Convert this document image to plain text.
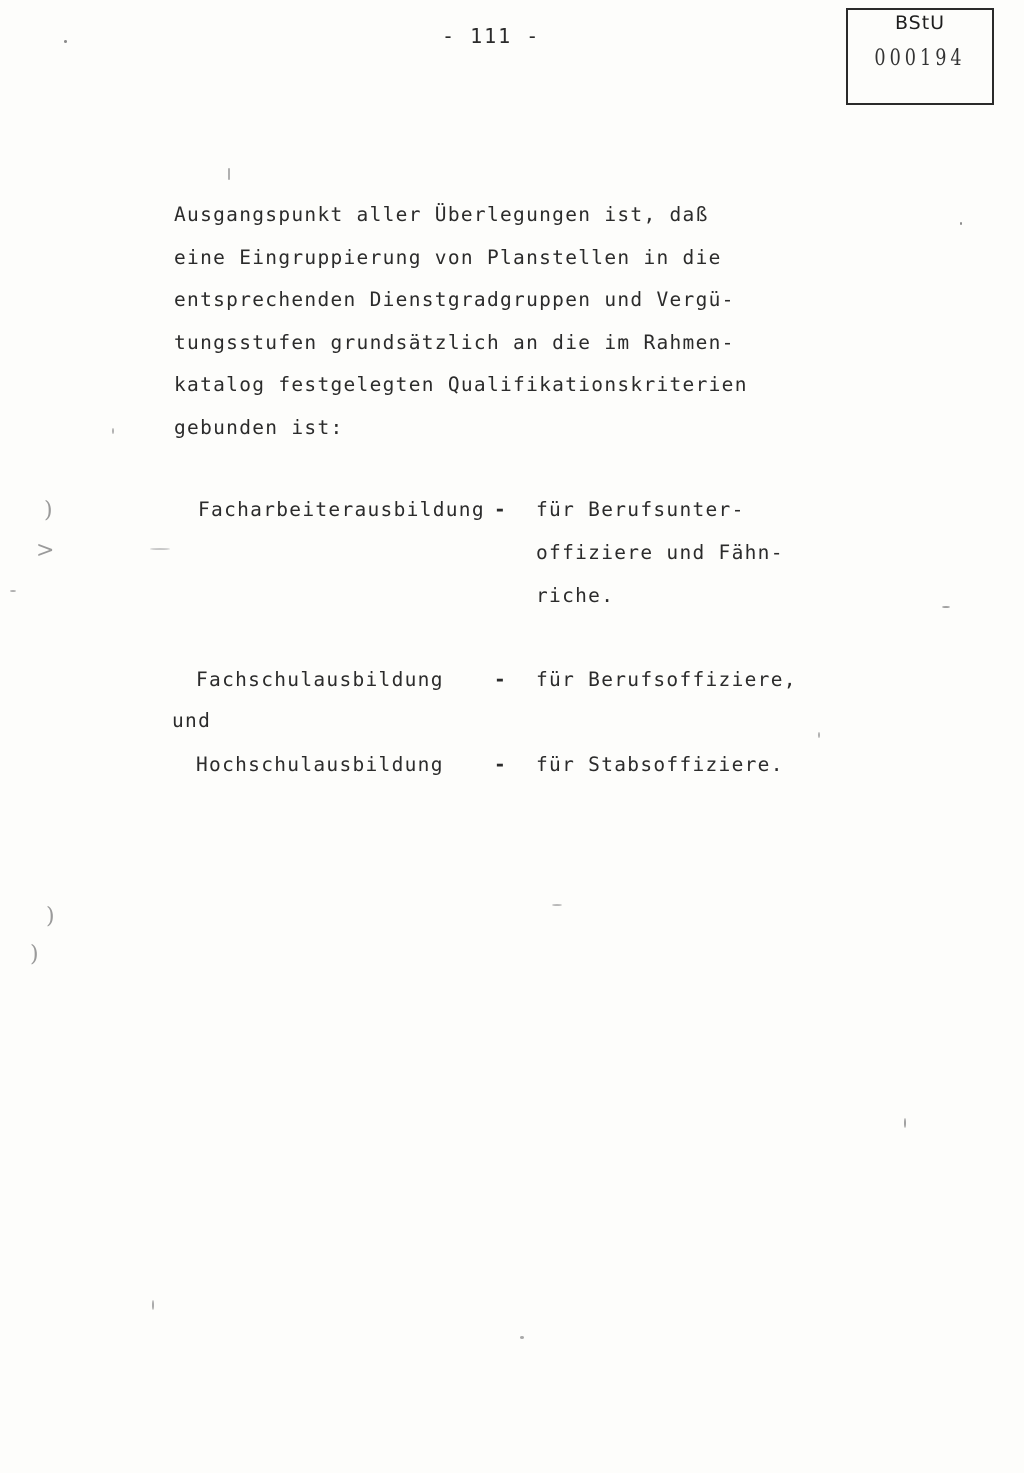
- 111 -
BStU
000194

Ausgangspunkt aller Überlegungen ist, daß
eine Eingruppierung von Planstellen in die
entsprechenden Dienstgradgruppen und Vergü-
tungsstufen grundsätzlich an die im Rahmen-
katalog festgelegten Qualifikationskriterien
gebunden ist:

Facharbeiterausbildung - für Berufsunter-
offiziere und Fähn-
riche.
Fachschulausbildung	- für Berufsoffiziere,
und
Hochschulausbildung	- für Stabsoffiziere.
)
>
)
)
